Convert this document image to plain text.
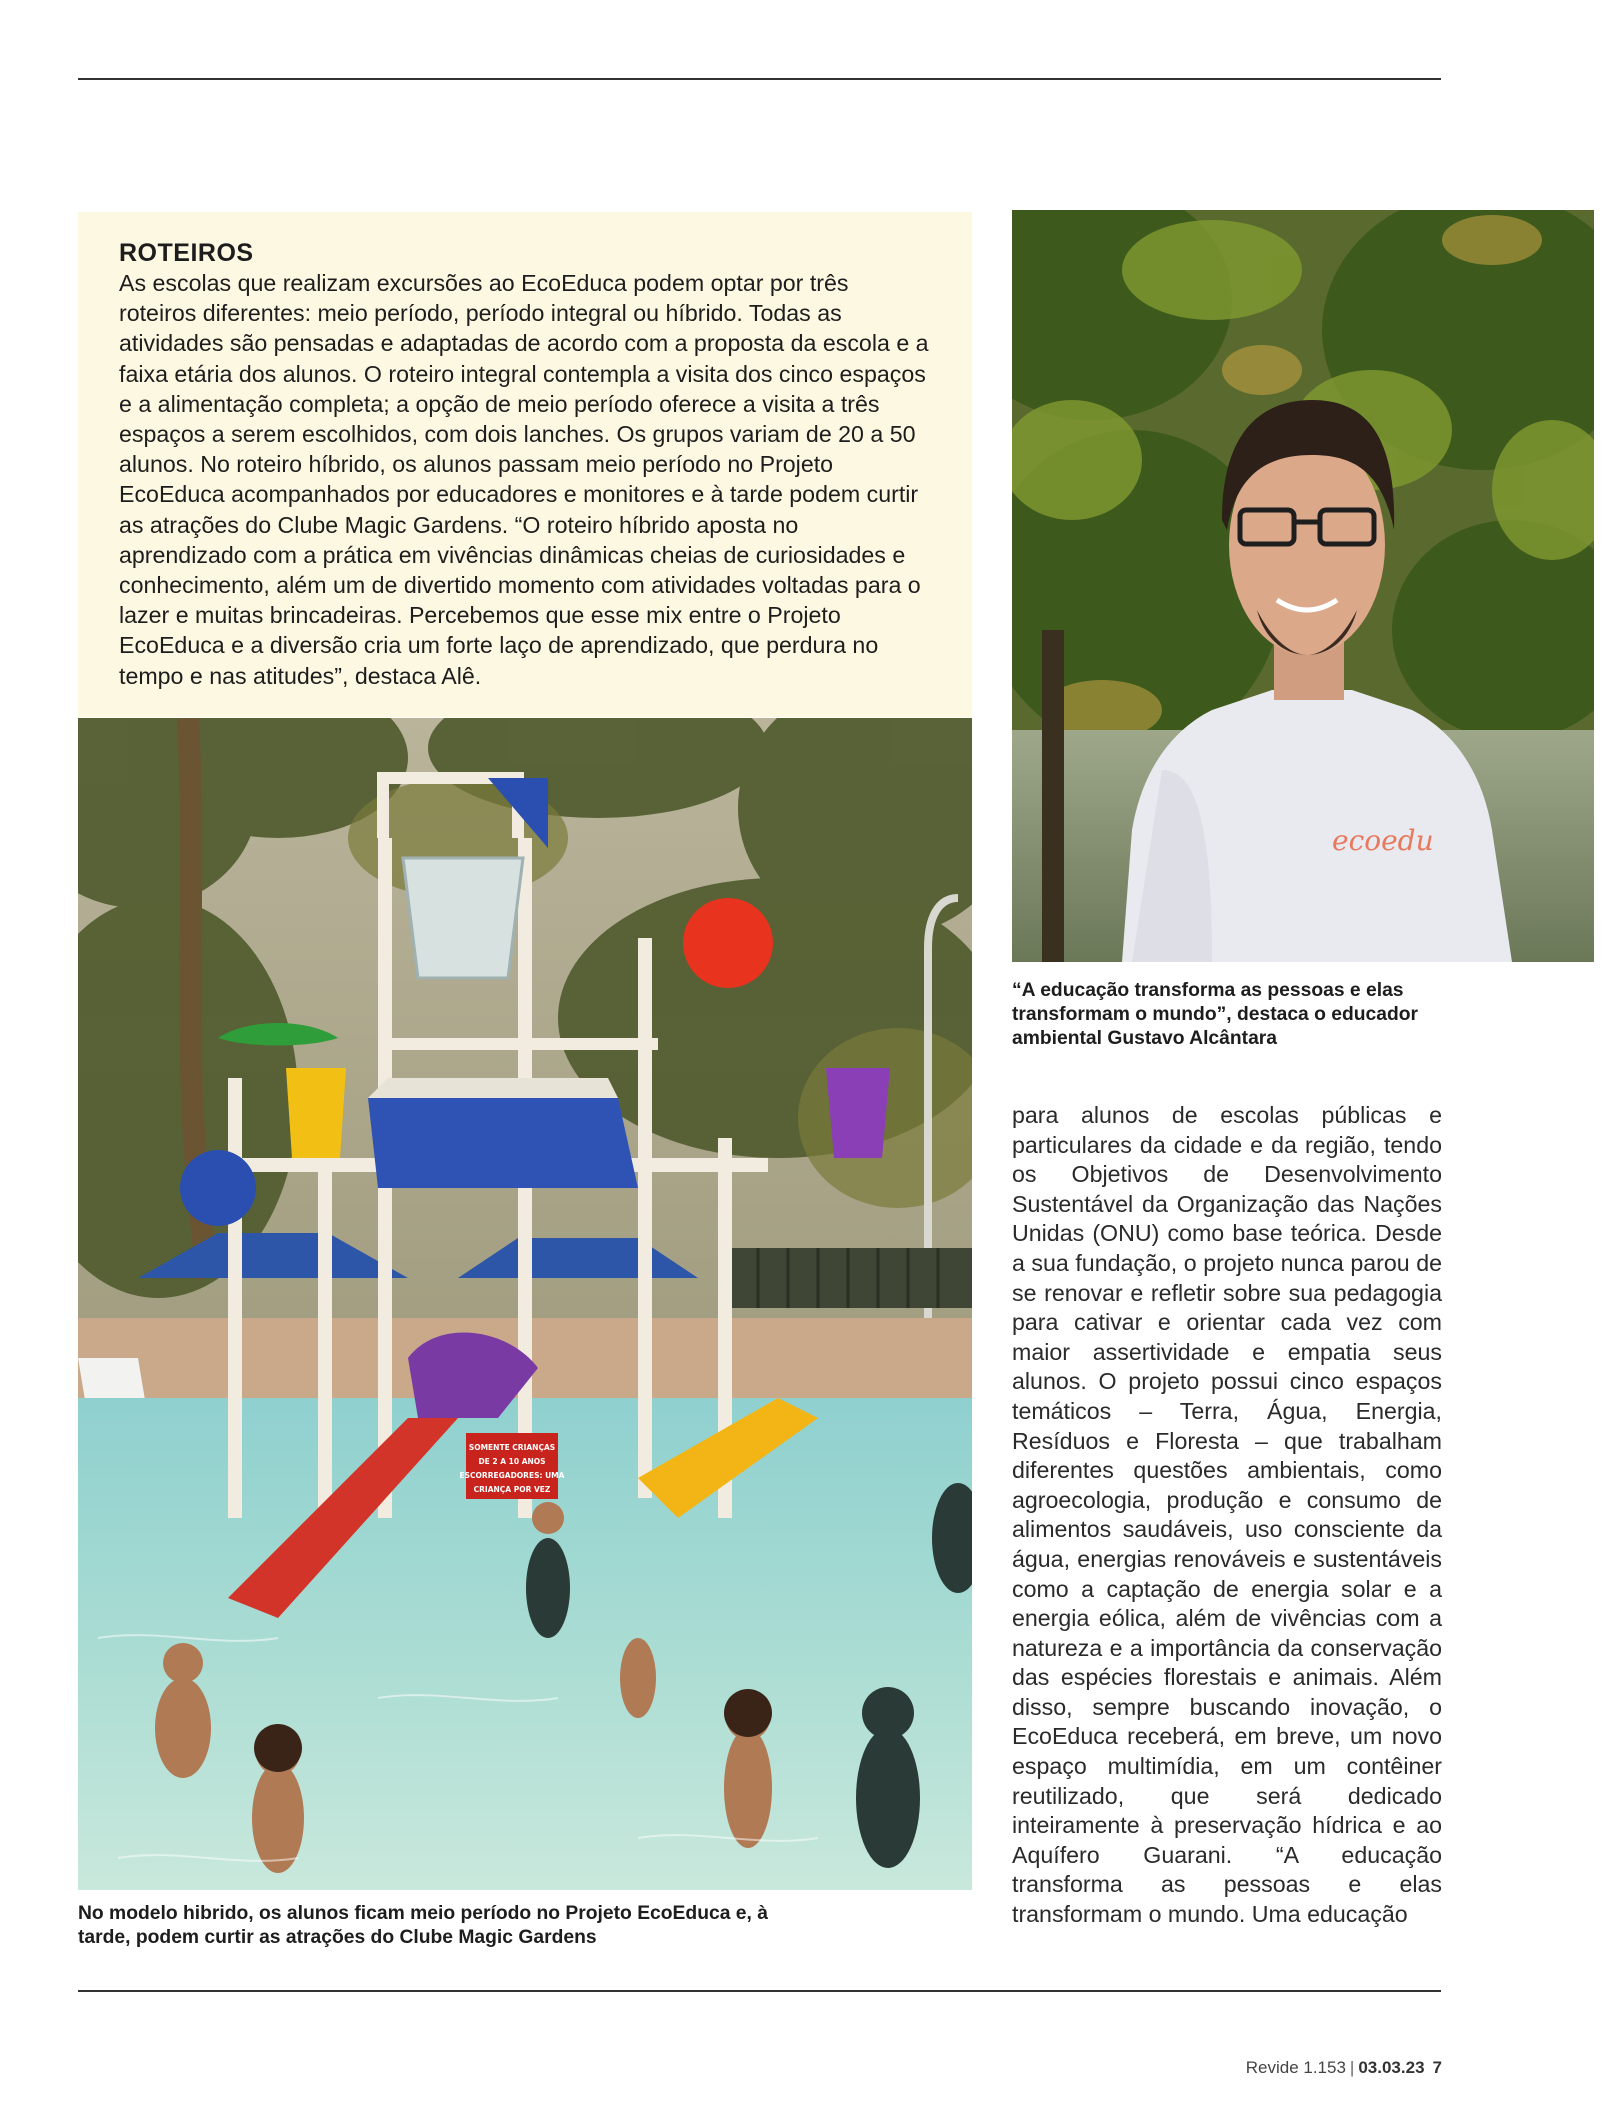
ROTEIROS

As escolas que realizam excursões ao EcoEduca podem optar por três roteiros diferentes: meio período, período integral ou híbrido. Todas as atividades são pensadas e adaptadas de acordo com a proposta da escola e a faixa etária dos alunos. O roteiro integral contempla a visita dos cinco espaços e a alimentação completa; a opção de meio período oferece a visita a três espaços a serem escolhidos, com dois lanches. Os grupos variam de 20 a 50 alunos. No roteiro híbrido, os alunos passam meio período no Projeto EcoEduca acompanhados por educadores e monitores e à tarde podem curtir as atrações do Clube Magic Gardens. “O roteiro híbrido aposta no aprendizado com a prática em vivências dinâmicas cheias de curiosidades e conhecimento, além um de divertido momento com atividades voltadas para o lazer e muitas brincadeiras. Percebemos que esse mix entre o Projeto EcoEduca e a diversão cria um forte laço de aprendizado, que perdura no tempo e nas atitudes”, destaca Alê.

SOMENTE CRIANÇAS
DE 2 A 10 ANOS
ESCORREGADORES: UMA
CRIANÇA POR VEZ

No modelo hibrido, os alunos ficam meio período no Projeto EcoEduca e, à tarde, podem curtir as atrações do Clube Magic Gardens

ecoedu

“A educação transforma as pessoas e elas transformam o mundo”, destaca o educador ambiental Gustavo Alcântara

para alunos de escolas públicas e particulares da cidade e da região, tendo os Objetivos de Desenvolvimento Sustentável da Organização das Nações Unidas (ONU) como base teórica. Desde a sua fundação, o projeto nunca parou de se renovar e refletir sobre sua pedagogia para cativar e orientar cada vez com maior assertividade e empatia seus alunos. O projeto possui cinco espaços temáticos – Terra, Água, Energia, Resíduos e Floresta – que trabalham diferentes questões ambientais, como agroecologia, produção e consumo de alimentos saudáveis, uso consciente da água, energias renováveis e sustentáveis como a captação de energia solar e a energia eólica, além de vivências com a natureza e a importância da conservação das espécies florestais e animais. Além disso, sempre buscando inovação, o EcoEduca receberá, em breve, um novo espaço multimídia, em um contêiner reutilizado, que será dedicado inteiramente à preservação hídrica e ao Aquífero Guarani. “A educação transforma as pessoas e elas transformam o mundo. Uma educação

Revide 1.153 | 03.03.23 7
